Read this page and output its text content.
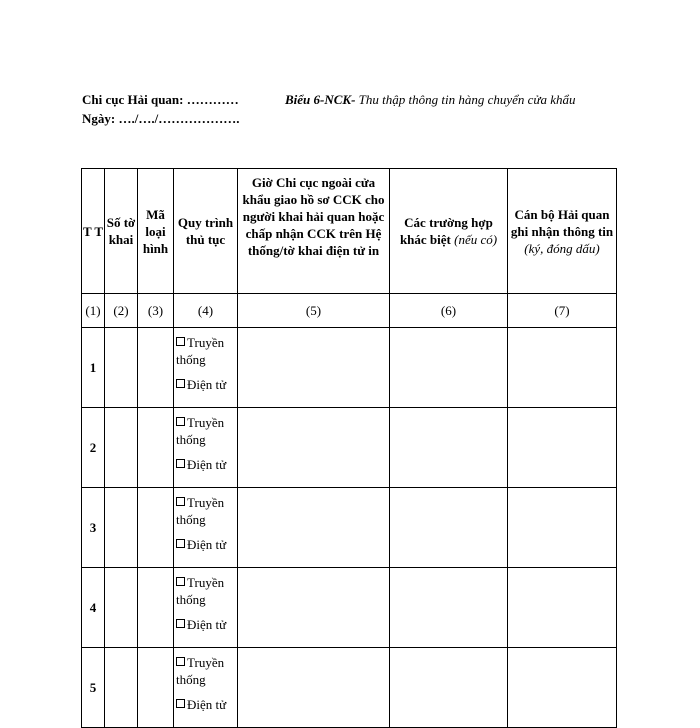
Chi cục Hải quan: …………
Ngày: …./…./……………….
Biểu 6-NCK- Thu thập thông tin hàng chuyển cửa khẩu
T T	Số tờ khai	Mã loại hình	Quy trình thủ tục	Giờ Chi cục ngoài cửa khẩu giao hồ sơ CCK cho người khai hải quan hoặc chấp nhận CCK trên Hệ thống/tờ khai điện tử in	Các trường hợp khác biệt (nếu có)	Cán bộ Hải quan ghi nhận thông tin (ký, đóng dấu)
(1)	(2)	(3)	(4)	(5)	(6)	(7)
1			Truyền thống
Điện tử			

2			Truyền thống
Điện tử			

3			Truyền thống
Điện tử			

4			Truyền thống
Điện tử			

5			Truyền thống
Điện tử			
